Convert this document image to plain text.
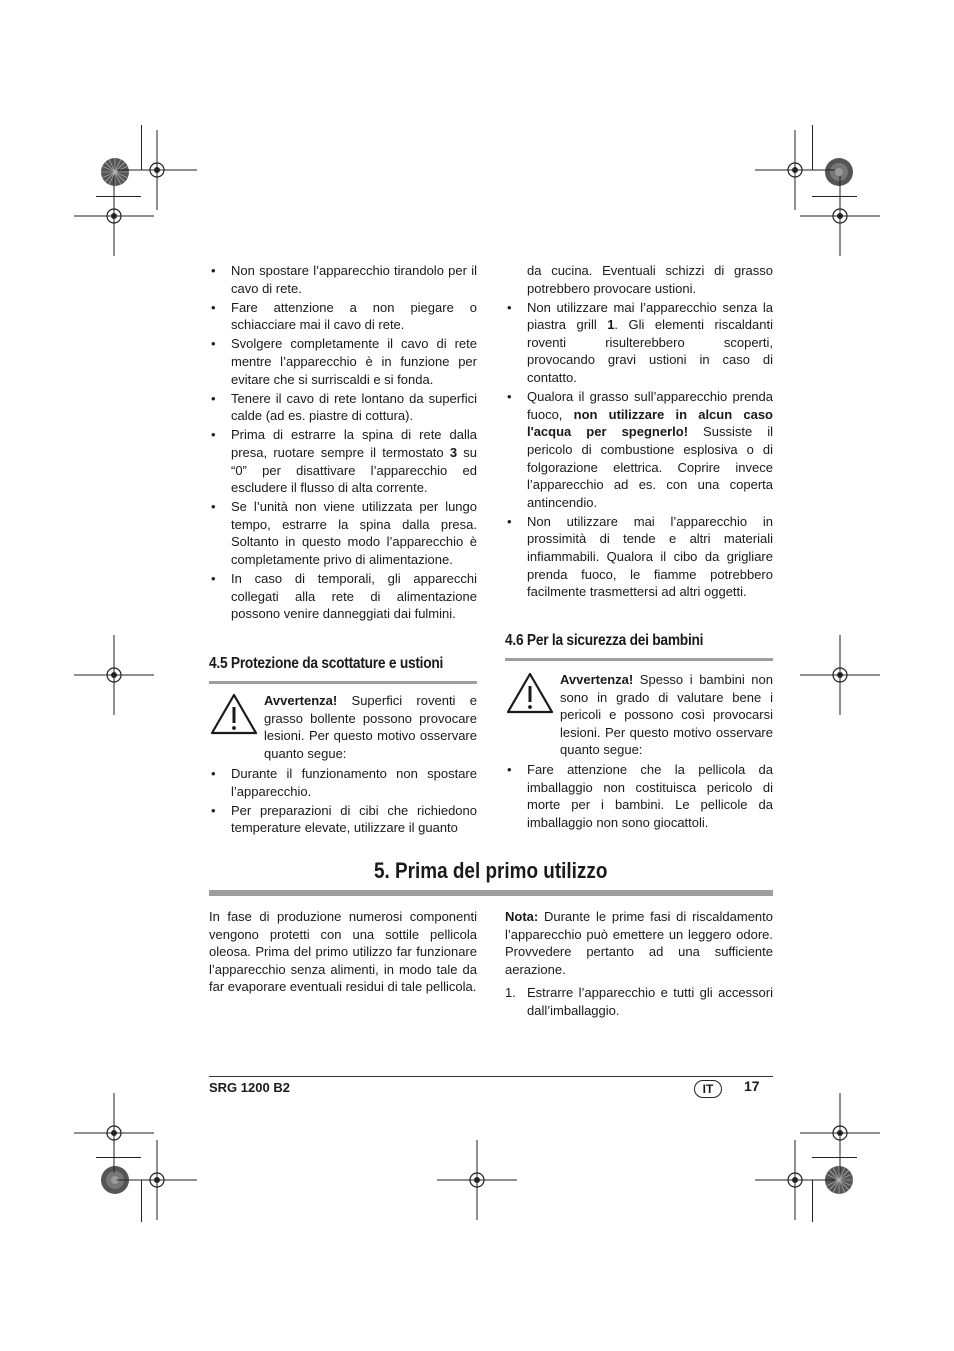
• Non spostare l’apparecchio tirandolo per il cavo di rete.
• Fare attenzione a non piegare o schiacciare mai il cavo di rete.
• Svolgere completamente il cavo di rete mentre l’apparecchio è in funzione per evitare che si surriscaldi e si fonda.
• Tenere il cavo di rete lontano da superfici calde (ad es. piastre di cottura).
• Prima di estrarre la spina di rete dalla presa, ruotare sempre il termostato 3 su “0” per disattivare l’apparecchio ed escludere il flusso di alta corrente.
• Se l’unità non viene utilizzata per lungo tempo, estrarre la spina dalla presa. Soltanto in questo modo l’apparecchio è completamente privo di alimentazione.
• In caso di temporali, gli apparecchi collegati alla rete di alimentazione possono venire danneggiati dai fulmini.
4.5 Protezione da scottature e ustioni
Avvertenza! Superfici roventi e grasso bollente possono provocare lesioni. Per questo motivo osservare quanto segue:
• Durante il funzionamento non spostare l’apparecchio.
• Per preparazioni di cibi che richiedono temperature elevate, utilizzare il guanto
da cucina. Eventuali schizzi di grasso potrebbero provocare ustioni.
• Non utilizzare mai l’apparecchio senza la piastra grill 1. Gli elementi riscaldanti roventi risulterebbero scoperti, provocando gravi ustioni in caso di contatto.
• Qualora il grasso sull’apparecchio prenda fuoco, non utilizzare in alcun caso l'acqua per spegnerlo! Sussiste il pericolo di combustione esplosiva o di folgorazione elettrica. Coprire invece l’apparecchio ad es. con una coperta antincendio.
• Non utilizzare mai l’apparecchio in prossimità di tende e altri materiali infiammabili. Qualora il cibo da grigliare prenda fuoco, le fiamme potrebbero facilmente trasmettersi ad altri oggetti.
4.6 Per la sicurezza dei bambini
Avvertenza! Spesso i bambini non sono in grado di valutare bene i pericoli e possono così provocarsi lesioni. Per questo motivo osservare quanto segue:
• Fare attenzione che la pellicola da imballaggio non costituisca pericolo di morte per i bambini. Le pellicole da imballaggio non sono giocattoli.
5. Prima del primo utilizzo

In fase di produzione numerosi componenti vengono protetti con una sottile pellicola oleosa. Prima del primo utilizzo far funzionare l’apparecchio senza alimenti, in modo tale da far evaporare eventuali residui di tale pellicola.

Nota: Durante le prime fasi di riscaldamento l’apparecchio può emettere un leggero odore. Provvedere pertanto ad una sufficiente aerazione.

1. Estrarre l’apparecchio e tutti gli accessori dall’imballaggio.
SRG 1200 B2	IT	17
